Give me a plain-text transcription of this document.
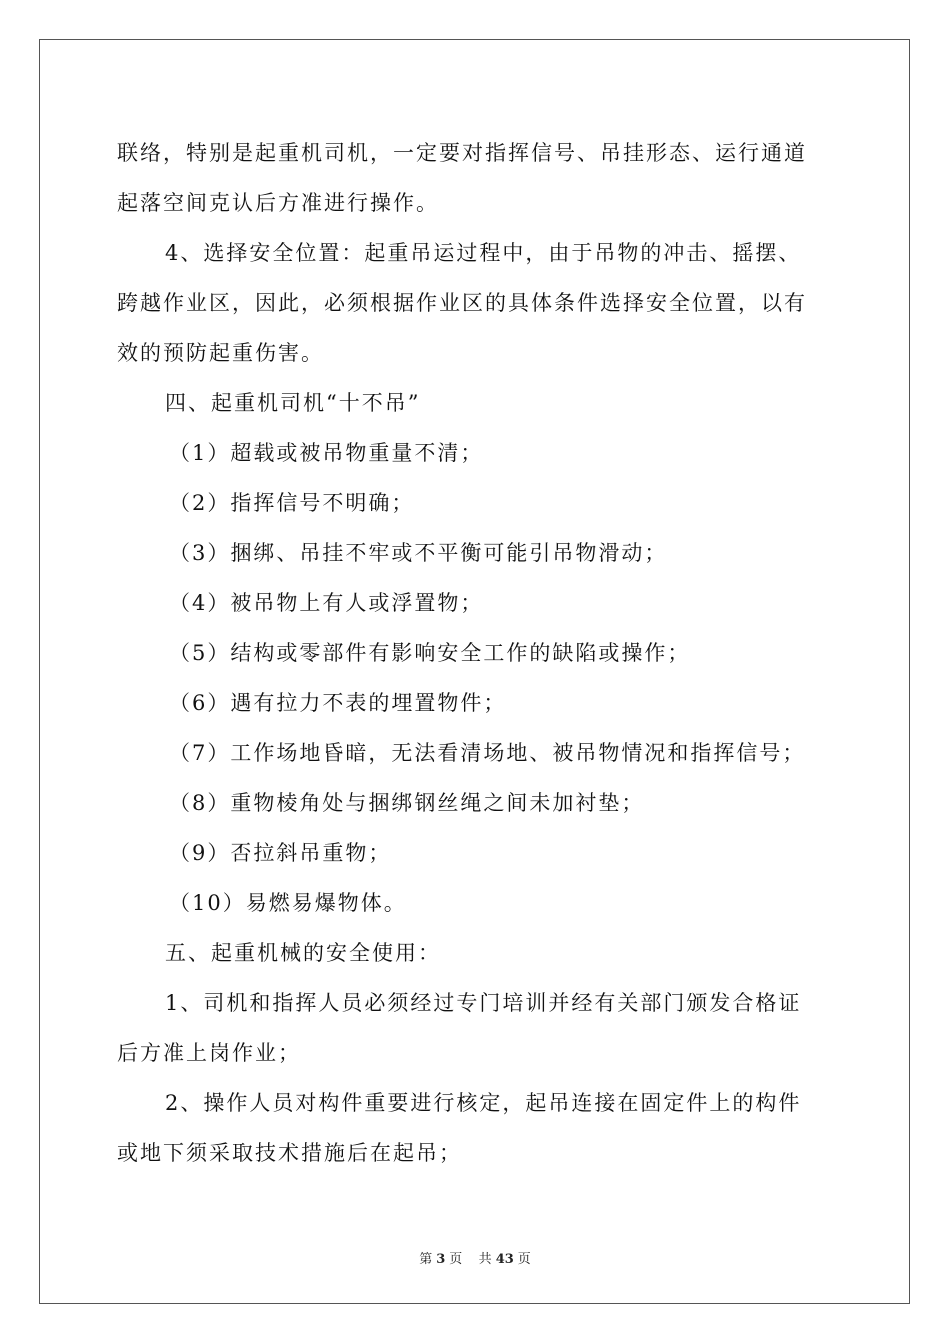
联络，特别是起重机司机，一定要对指挥信号、吊挂形态、运行通道

起落空间克认后方准进行操作。

4、选择安全位置：起重吊运过程中，由于吊物的冲击、摇摆、

跨越作业区，因此，必须根据作业区的具体条件选择安全位置，以有

效的预防起重伤害。

四、起重机司机“十不吊”

（1）超载或被吊物重量不清；

（2）指挥信号不明确；

（3）捆绑、吊挂不牢或不平衡可能引吊物滑动；

（4）被吊物上有人或浮置物；

（5）结构或零部件有影响安全工作的缺陷或操作；

（6）遇有拉力不表的埋置物件；

（7）工作场地昏暗，无法看清场地、被吊物情况和指挥信号；

（8）重物棱角处与捆绑钢丝绳之间未加衬垫；

（9）否拉斜吊重物；

（10）易燃易爆物体。

五、起重机械的安全使用：

1、司机和指挥人员必须经过专门培训并经有关部门颁发合格证

后方准上岗作业；

2、操作人员对构件重要进行核定，起吊连接在固定件上的构件

或地下须采取技术措施后在起吊；

第 3 页 共 43 页
